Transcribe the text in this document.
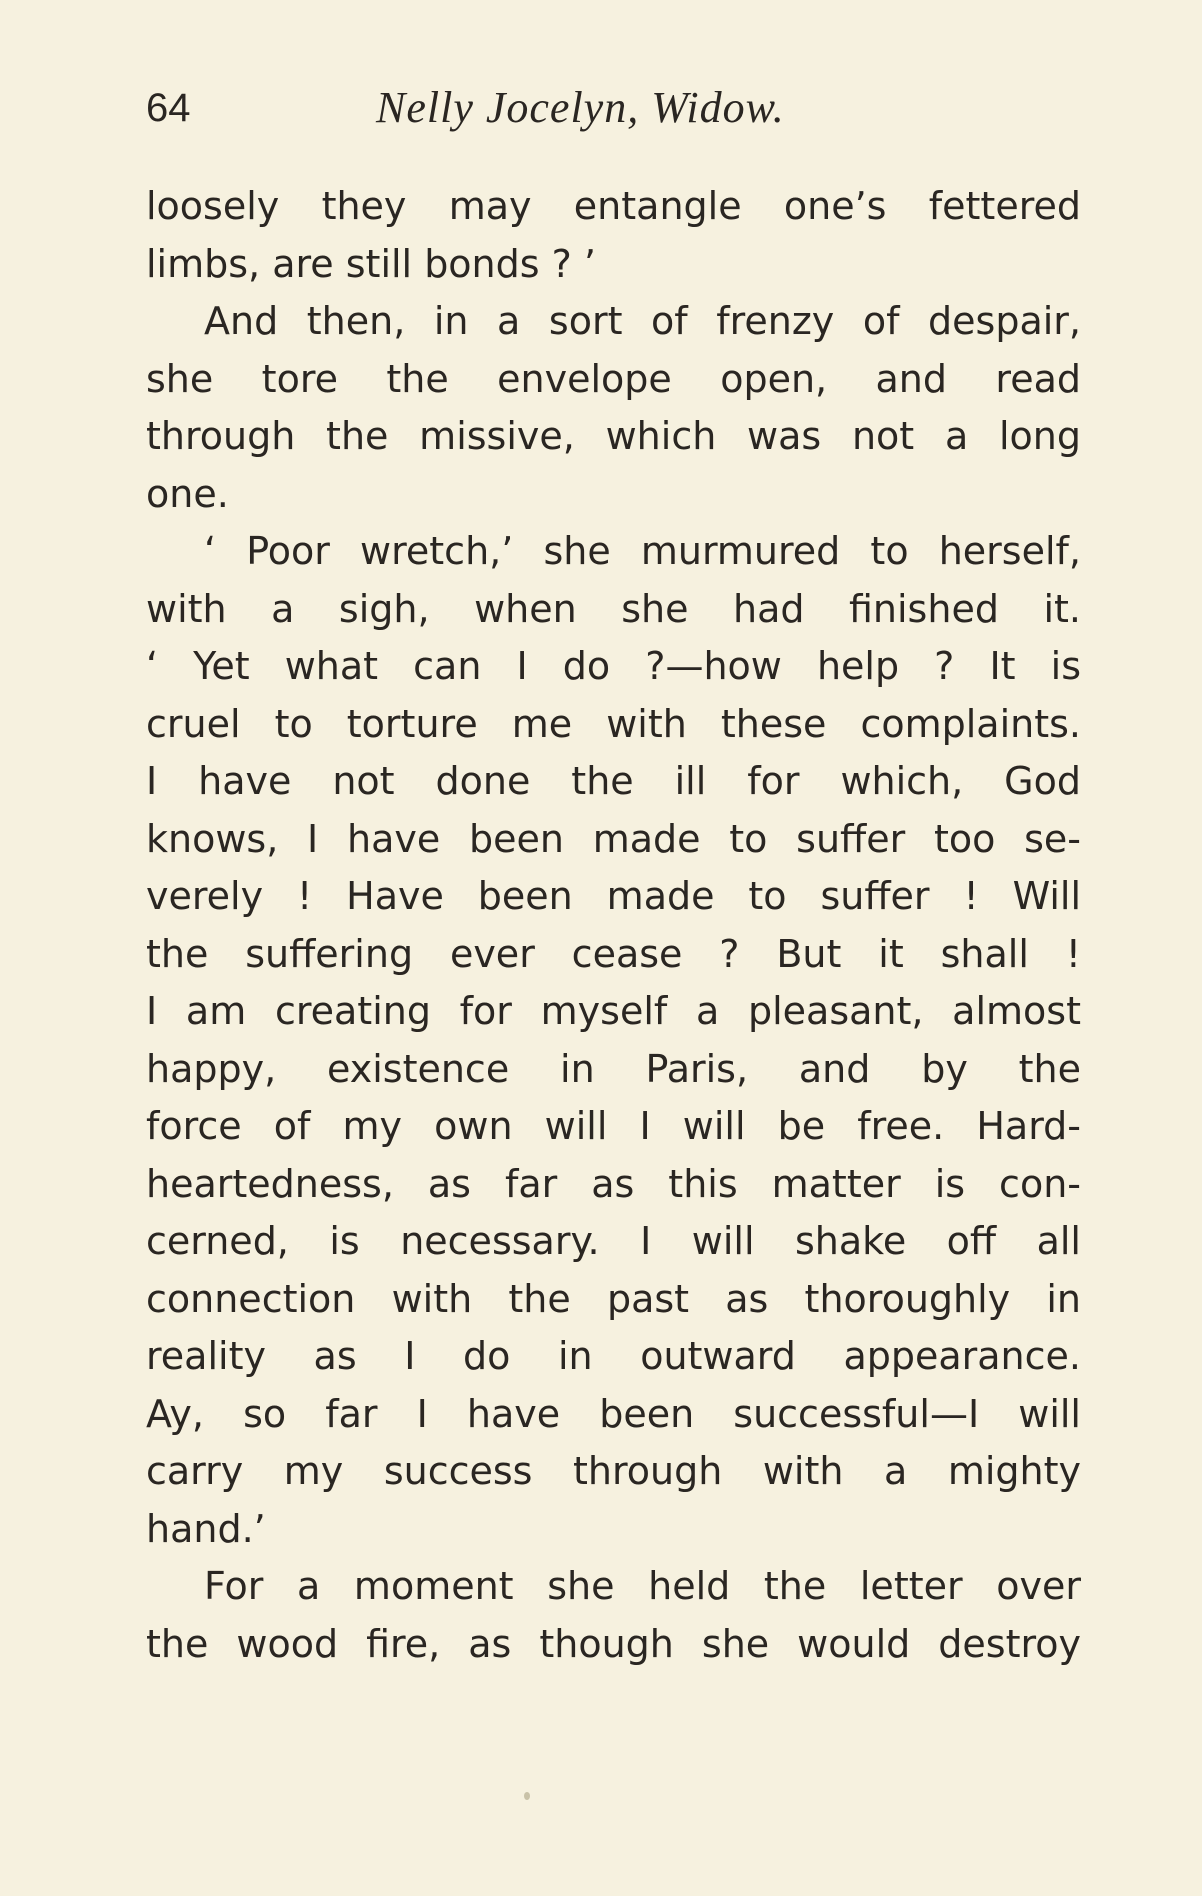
64	Nelly Jocelyn, Widow.
loosely they may entangle one’s fettered
limbs, are still bonds ? ’
And then, in a sort of frenzy of despair,
she tore the envelope open, and read
through the missive, which was not a long
one.
‘ Poor wretch,’ she murmured to herself,
with a sigh, when she had finished it.
‘ Yet what can I do ?—how help ? It is
cruel to torture me with these complaints.
I have not done the ill for which, God
knows, I have been made to suffer too se-
verely ! Have been made to suffer ! Will
the suffering ever cease ? But it shall !
I am creating for myself a pleasant, almost
happy, existence in Paris, and by the
force of my own will I will be free. Hard-
heartedness, as far as this matter is con-
cerned, is necessary. I will shake off all
connection with the past as thoroughly in
reality as I do in outward appearance.
Ay, so far I have been successful—I will
carry my success through with a mighty
hand.’
For a moment she held the letter over
the wood fire, as though she would destroy
